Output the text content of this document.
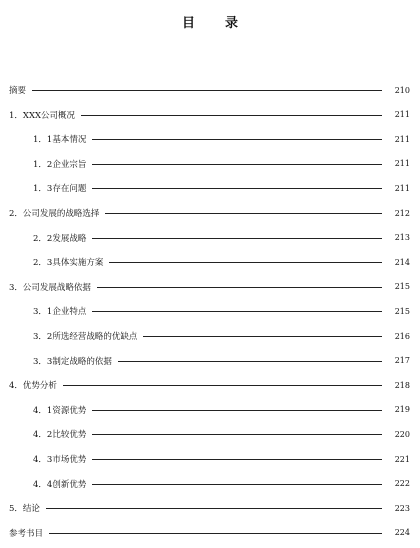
目录
摘要	210
1．XXX公司概况	211
1．1基本情况	211
1．2企业宗旨	211
1．3存在问题	211
2．公司发展的战略选择	212
2．2发展战略	213
2．3具体实施方案	214
3．公司发展战略依据	215
3．1企业特点	215
3．2所选经营战略的优缺点	216
3．3制定战略的依据	217
4．优势分析	218
4．1资源优势	219
4．2比较优势	220
4．3市场优势	221
4．4创新优势	222
5．结论	223
参考书目	224
